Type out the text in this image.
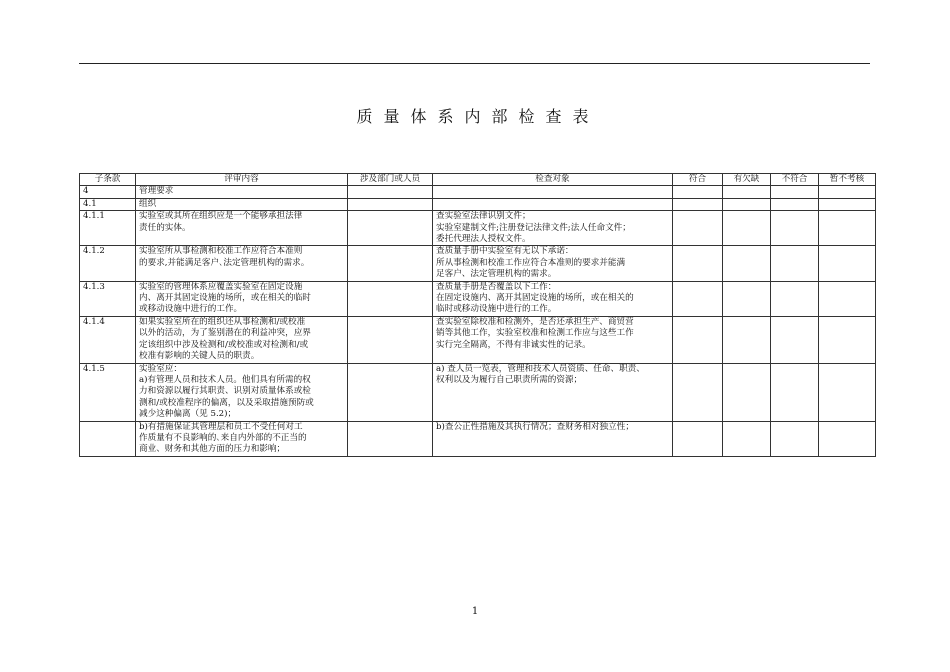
质量体系内部检查表
子条款	评审内容	涉及部门或人员	检查对象	符合	有欠缺	不符合	暂不考核
4	管理要求						
4.1	组织						
4.1.1	实验室或其所在组织应是一个能够承担法律
责任的实体。		查实验室法律识别文件；
实验室建制文件;注册登记法律文件;法人任命文件；
委托代理法人授权文件。				
4.1.2	实验室所从事检测和校准工作应符合本准则
的要求,并能满足客户､法定管理机构的需求。		查质量手册中实验室有无以下承诺：
所从事检测和校准工作应符合本准则的要求并能满
足客户、法定管理机构的需求。				
4.1.3	实验室的管理体系应覆盖实验室在固定设施
内、离开其固定设施的场所，或在相关的临时
或移动设施中进行的工作。		查质量手册是否覆盖以下工作：
在固定设施内、离开其固定设施的场所，或在相关的
临时或移动设施中进行的工作。				
4.1.4	如果实验室所在的组织还从事检测和/或校准
以外的活动，为了鉴别潜在的利益冲突，应界
定该组织中涉及检测和/或校准或对检测和/或
校准有影响的关键人员的职责。		查实验室除校准和检测外，是否还承担生产、商贸营
销等其他工作，实验室校准和检测工作应与这些工作
实行完全隔离，不得有非诚实性的记录。				
4.1.5	实验室应：
a)有管理人员和技术人员。他们具有所需的权
力和资源以履行其职责、识别对质量体系或检
测和/或校准程序的偏离，以及采取措施预防或
减少这种偏离（见 5.2)；		a) 查人员一览表，管理和技术人员资质、任命、职责、
权利以及为履行自己职责所需的资源；				
	b)有措施保证其管理层和员工不受任何对工
作质量有不良影响的､来自内外部的不正当的
商业、财务和其他方面的压力和影响；		b)查公正性措施及其执行情况；查财务相对独立性；				
1
